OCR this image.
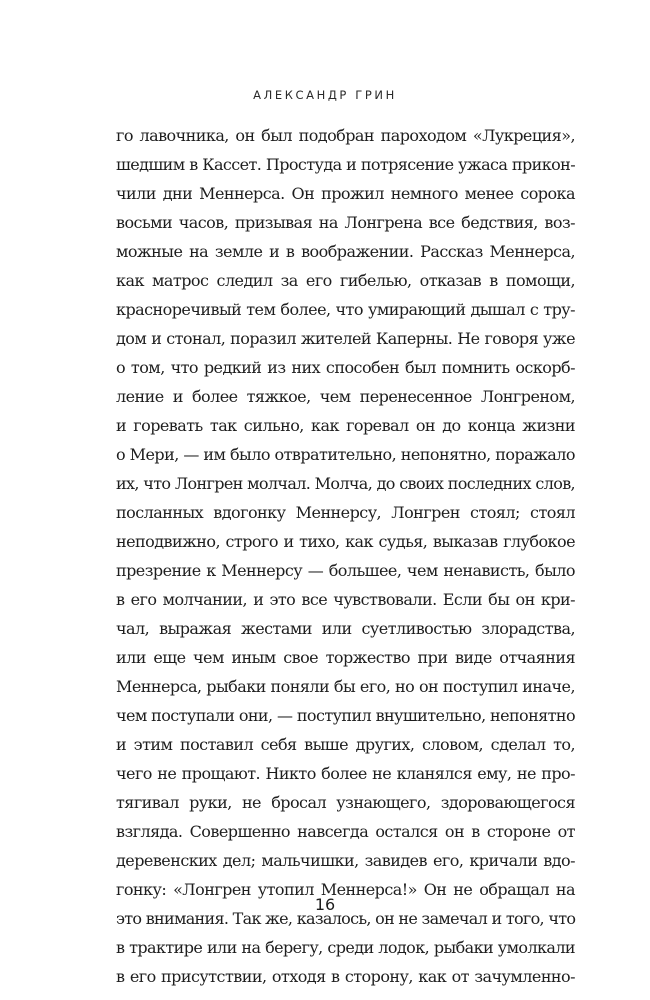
АЛЕКСАНДР ГРИН
го лавочника, он был подобран пароходом «Лукреция»,
шедшим в Кассет. Простуда и потрясение ужаса прикон-
чили дни Меннерса. Он прожил немного менее сорока
восьми часов, призывая на Лонгрена все бедствия, воз-
можные на земле и в воображении. Рассказ Меннерса,
как матрос следил за его гибелью, отказав в помощи,
красноречивый тем более, что умирающий дышал с тру-
дом и стонал, поразил жителей Каперны. Не говоря уже
о том, что редкий из них способен был помнить оскорб-
ление и более тяжкое, чем перенесенное Лонгреном,
и горевать так сильно, как горевал он до конца жизни
о Мери, — им было отвратительно, непонятно, поражало
их, что Лонгрен молчал. Молча, до своих последних слов,
посланных вдогонку Меннерсу, Лонгрен стоял; стоял
неподвижно, строго и тихо, как судья, выказав глубокое
презрение к Меннерсу — большее, чем ненависть, было
в его молчании, и это все чувствовали. Если бы он кри-
чал, выражая жестами или суетливостью злорадства,
или еще чем иным свое торжество при виде отчаяния
Меннерса, рыбаки поняли бы его, но он поступил иначе,
чем поступали они, — поступил внушительно, непонятно
и этим поставил себя выше других, словом, сделал то,
чего не прощают. Никто более не кланялся ему, не про-
тягивал руки, не бросал узнающего, здоровающегося
взгляда. Совершенно навсегда остался он в стороне от
деревенских дел; мальчишки, завидев его, кричали вдо-
гонку: «Лонгрен утопил Меннерса!» Он не обращал на
это внимания. Так же, казалось, он не замечал и того, что
в трактире или на берегу, среди лодок, рыбаки умолкали
в его присутствии, отходя в сторону, как от зачумленно-
16
